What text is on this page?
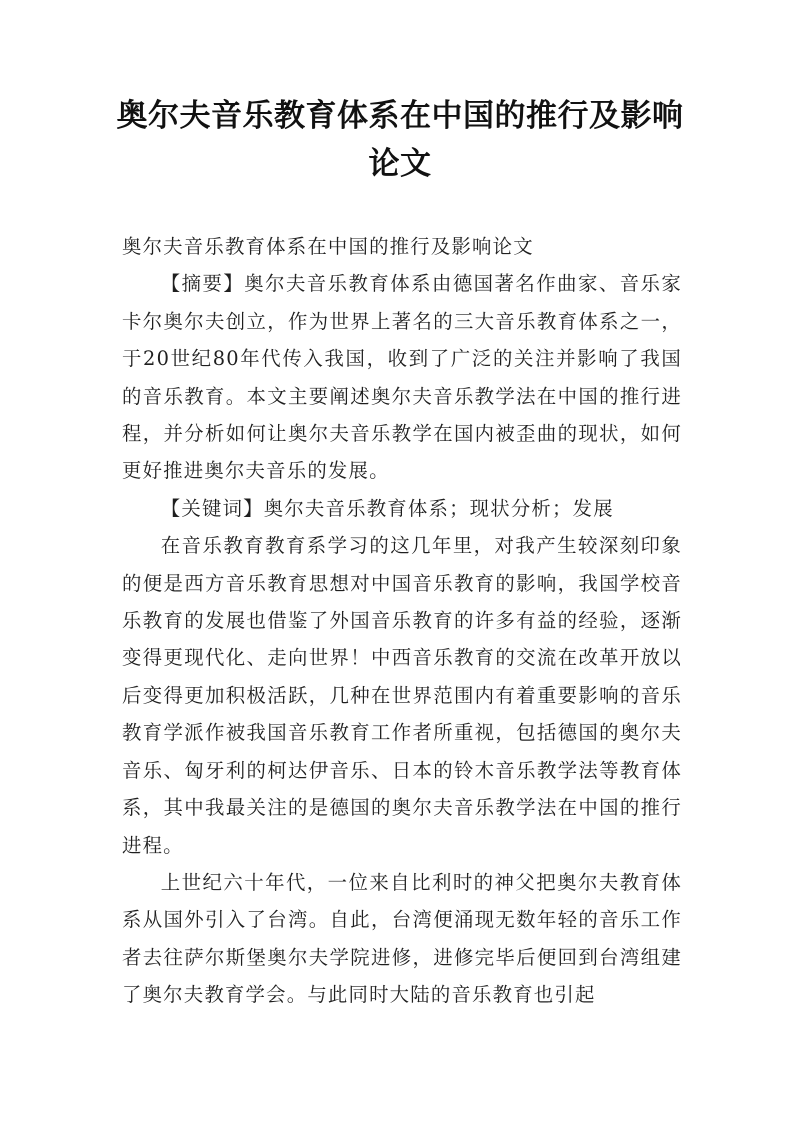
奥尔夫音乐教育体系在中国的推行及影响
论文

奥尔夫音乐教育体系在中国的推行及影响论文

【摘要】奥尔夫音乐教育体系由德国著名作曲家、音乐家卡尔奥尔夫创立，作为世界上著名的三大音乐教育体系之一，于20世纪80年代传入我国，收到了广泛的关注并影响了我国的音乐教育。本文主要阐述奥尔夫音乐教学法在中国的推行进程，并分析如何让奥尔夫音乐教学在国内被歪曲的现状，如何更好推进奥尔夫音乐的发展。

【关键词】奥尔夫音乐教育体系；现状分析；发展

在音乐教育教育系学习的这几年里，对我产生较深刻印象的便是西方音乐教育思想对中国音乐教育的影响，我国学校音乐教育的发展也借鉴了外国音乐教育的许多有益的经验，逐渐变得更现代化、走向世界！中西音乐教育的交流在改革开放以后变得更加积极活跃，几种在世界范围内有着重要影响的音乐教育学派作被我国音乐教育工作者所重视，包括德国的奥尔夫音乐、匈牙利的柯达伊音乐、日本的铃木音乐教学法等教育体系，其中我最关注的是德国的奥尔夫音乐教学法在中国的推行进程。

上世纪六十年代，一位来自比利时的神父把奥尔夫教育体系从国外引入了台湾。自此，台湾便涌现无数年轻的音乐工作者去往萨尔斯堡奥尔夫学院进修，进修完毕后便回到台湾组建了奥尔夫教育学会。与此同时大陆的音乐教育也引起
